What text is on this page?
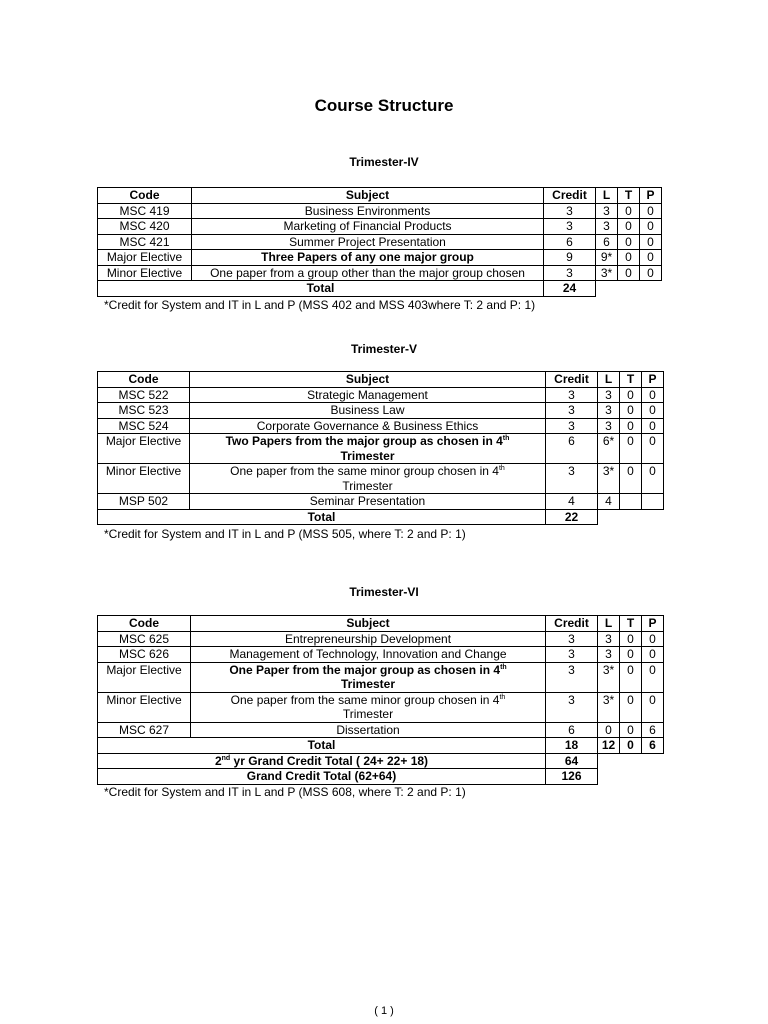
Course Structure
Trimester-IV
Code	Subject	Credit	L	T	P
MSC 419	Business Environments	3	3	0	0
MSC 420	Marketing of Financial Products	3	3	0	0
MSC 421	Summer Project Presentation	6	6	0	0
Major Elective	Three Papers of any one major group	9	9*	0	0
Minor Elective	One paper from a group other than the major group chosen	3	3*	0	0
Total		24			
*Credit for System and IT in L and P (MSS 402 and MSS 403where T: 2 and P: 1)
Trimester-V
Code	Subject	Credit	L	T	P
MSC 522	Strategic Management	3	3	0	0
MSC 523	Business Law	3	3	0	0
MSC 524	Corporate Governance & Business Ethics	3	3	0	0
Major Elective	Two Papers from the major group as chosen in 4th
Trimester	6	6*	0	0
Minor Elective	One paper from the same minor group chosen in 4th
Trimester	3	3*	0	0
MSP 502	Seminar Presentation	4	4		
Total		22			
*Credit for System and IT in L and P (MSS 505, where T: 2 and P: 1)
Trimester-VI
Code	Subject	Credit	L	T	P
MSC 625	Entrepreneurship Development	3	3	0	0
MSC 626	Management of Technology, Innovation and Change	3	3	0	0
Major Elective	One Paper from the major group as chosen in 4th
Trimester	3	3*	0	0
Minor Elective	One paper from the same minor group chosen in 4th
Trimester	3	3*	0	0
MSC 627	Dissertation	6	0	0	6
Total		18	12	0	6
2nd yr Grand Credit Total ( 24+ 22+ 18)		64			
Grand Credit Total (62+64)		126			
*Credit for System and IT in L and P (MSS 608, where T: 2 and P: 1)
( 1 )
